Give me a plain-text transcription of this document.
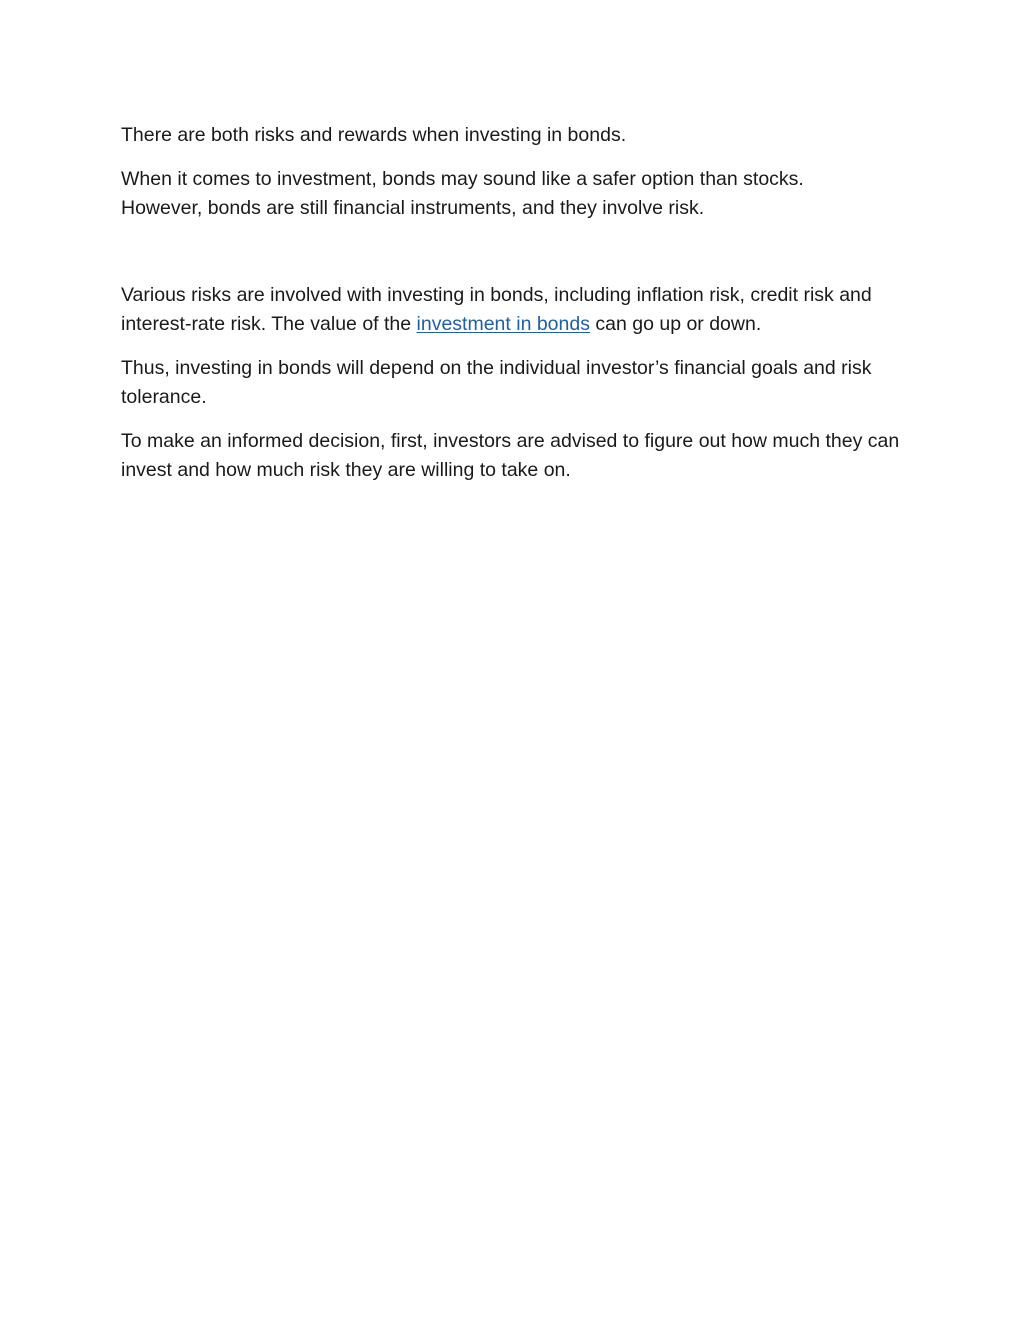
There are both risks and rewards when investing in bonds.

When it comes to investment, bonds may sound like a safer option than stocks.
However, bonds are still financial instruments, and they involve risk.

Various risks are involved with investing in bonds, including inflation risk, credit risk and interest-rate risk. The value of the investment in bonds can go up or down.

Thus, investing in bonds will depend on the individual investor’s financial goals and risk tolerance.

To make an informed decision, first, investors are advised to figure out how much they can invest and how much risk they are willing to take on.
